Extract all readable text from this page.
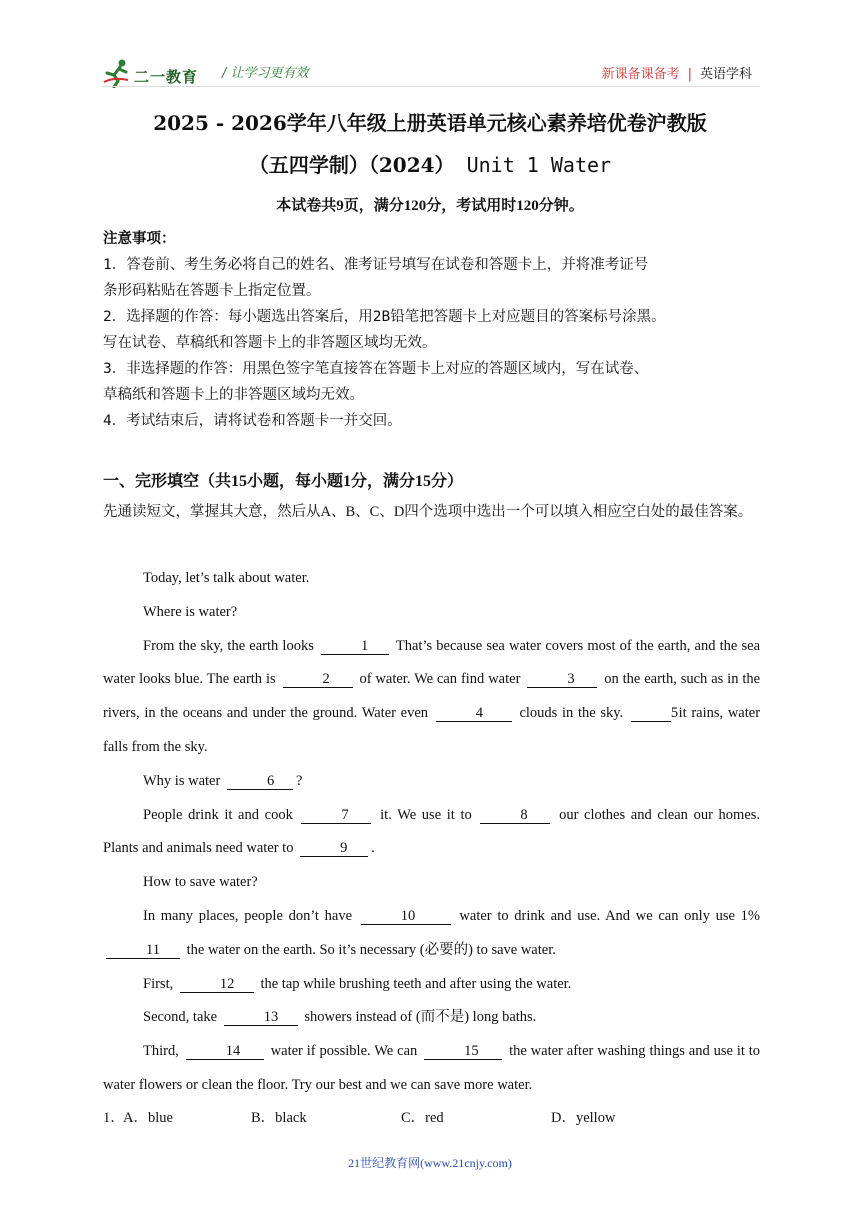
二一教育 / 让学习更有效	新课备课备考 | 英语学科
2025 - 2026学年八年级上册英语单元核心素养培优卷沪教版
（五四学制）（2024） Unit 1 Water
本试卷共9页，满分120分，考试用时120分钟。
注意事项：
1．答卷前、考生务必将自己的姓名、准考证号填写在试卷和答题卡上，并将准考证号
条形码粘贴在答题卡上指定位置。
2．选择题的作答：每小题选出答案后，用2B铅笔把答题卡上对应题目的答案标号涂黑。
写在试卷、草稿纸和答题卡上的非答题区域均无效。
3．非选择题的作答：用黑色签字笔直接答在答题卡上对应的答题区域内，写在试卷、
草稿纸和答题卡上的非答题区域均无效。
4．考试结束后，请将试卷和答题卡一并交回。
一、完形填空（共15小题，每小题1分，满分15分）
先通读短文，掌握其大意，然后从A、B、C、D四个选项中选出一个可以填入相应空白处的最佳答案。

Today, let’s talk about water.

Where is water?

From the sky, the earth looks	1 That’s because sea water covers most of the earth, and the sea water looks blue. The earth is	2 of water. We can find water	3 on the earth, such as in the rivers, in the oceans and under the ground. Water even	4	clouds in the sky.	5 it rains, water falls from the sky.

Why is water	6 ?

People drink it and cook	7 it. We use it to	8 our clothes and clean our homes. Plants and animals need water to	9 .

How to save water?

In many places, people don’t have	10	water to drink and use. And we can only use 1% 11 the water on the earth. So it’s necessary (必要的) to save water.

First,	12 the tap while brushing teeth and after using the water.

Second, take	13 showers instead of (而不是) long baths.

Third,	14 water if possible. We can	15 the water after washing things and use it to water flowers or clean the floor. Try our best and we can save more water.

1．
A．blue	B．black	C．red	D．yellow
21世纪教育网(www.21cnjy.com)
